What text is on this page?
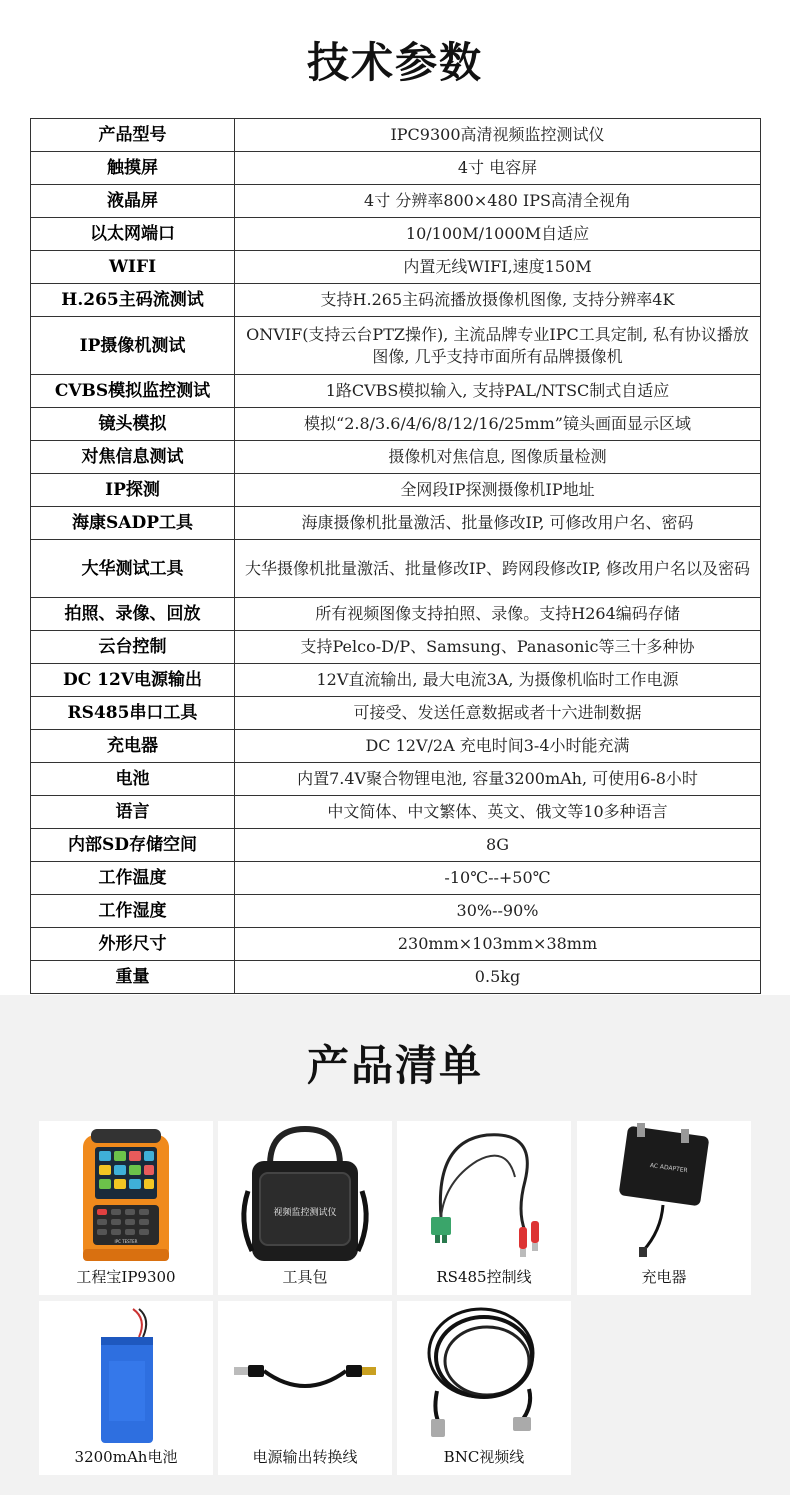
技术参数
产品型号	IPC9300高清视频监控测试仪
触摸屏	4寸 电容屏
液晶屏	4寸 分辨率800×480 IPS高清全视角
以太网端口	10/100M/1000M自适应
WIFI	内置无线WIFI,速度150M
H.265主码流测试	支持H.265主码流播放摄像机图像, 支持分辨率4K
IP摄像机测试	ONVIF(支持云台PTZ操作), 主流品牌专业IPC工具定制, 私有协议播放图像, 几乎支持市面所有品牌摄像机
CVBS模拟监控测试	1路CVBS模拟输入, 支持PAL/NTSC制式自适应
镜头模拟	模拟“2.8/3.6/4/6/8/12/16/25mm”镜头画面显示区域
对焦信息测试	摄像机对焦信息, 图像质量检测
IP探测	全网段IP探测摄像机IP地址
海康SADP工具	海康摄像机批量激活、批量修改IP, 可修改用户名、密码
大华测试工具	大华摄像机批量激活、批量修改IP、跨网段修改IP, 修改用户名以及密码
拍照、录像、回放	所有视频图像支持拍照、录像。支持H264编码存储
云台控制	支持Pelco-D/P、Samsung、Panasonic等三十多种协
DC 12V电源输出	12V直流输出, 最大电流3A, 为摄像机临时工作电源
RS485串口工具	可接受、发送任意数据或者十六进制数据
充电器	DC 12V/2A 充电时间3-4小时能充满
电池	内置7.4V聚合物锂电池, 容量3200mAh, 可使用6-8小时
语言	中文简体、中文繁体、英文、俄文等10多种语言
内部SD存储空间	8G
工作温度	-10℃--+50℃
工作湿度	30%--90%
外形尺寸	230mm×103mm×38mm
重量	0.5kg
产品清单
IPC TESTER
工程宝IP9300
视频监控测试仪
工具包	RS485控制线
AC ADAPTER
充电器
3200mAh电池	电源输出转换线	BNC视频线
